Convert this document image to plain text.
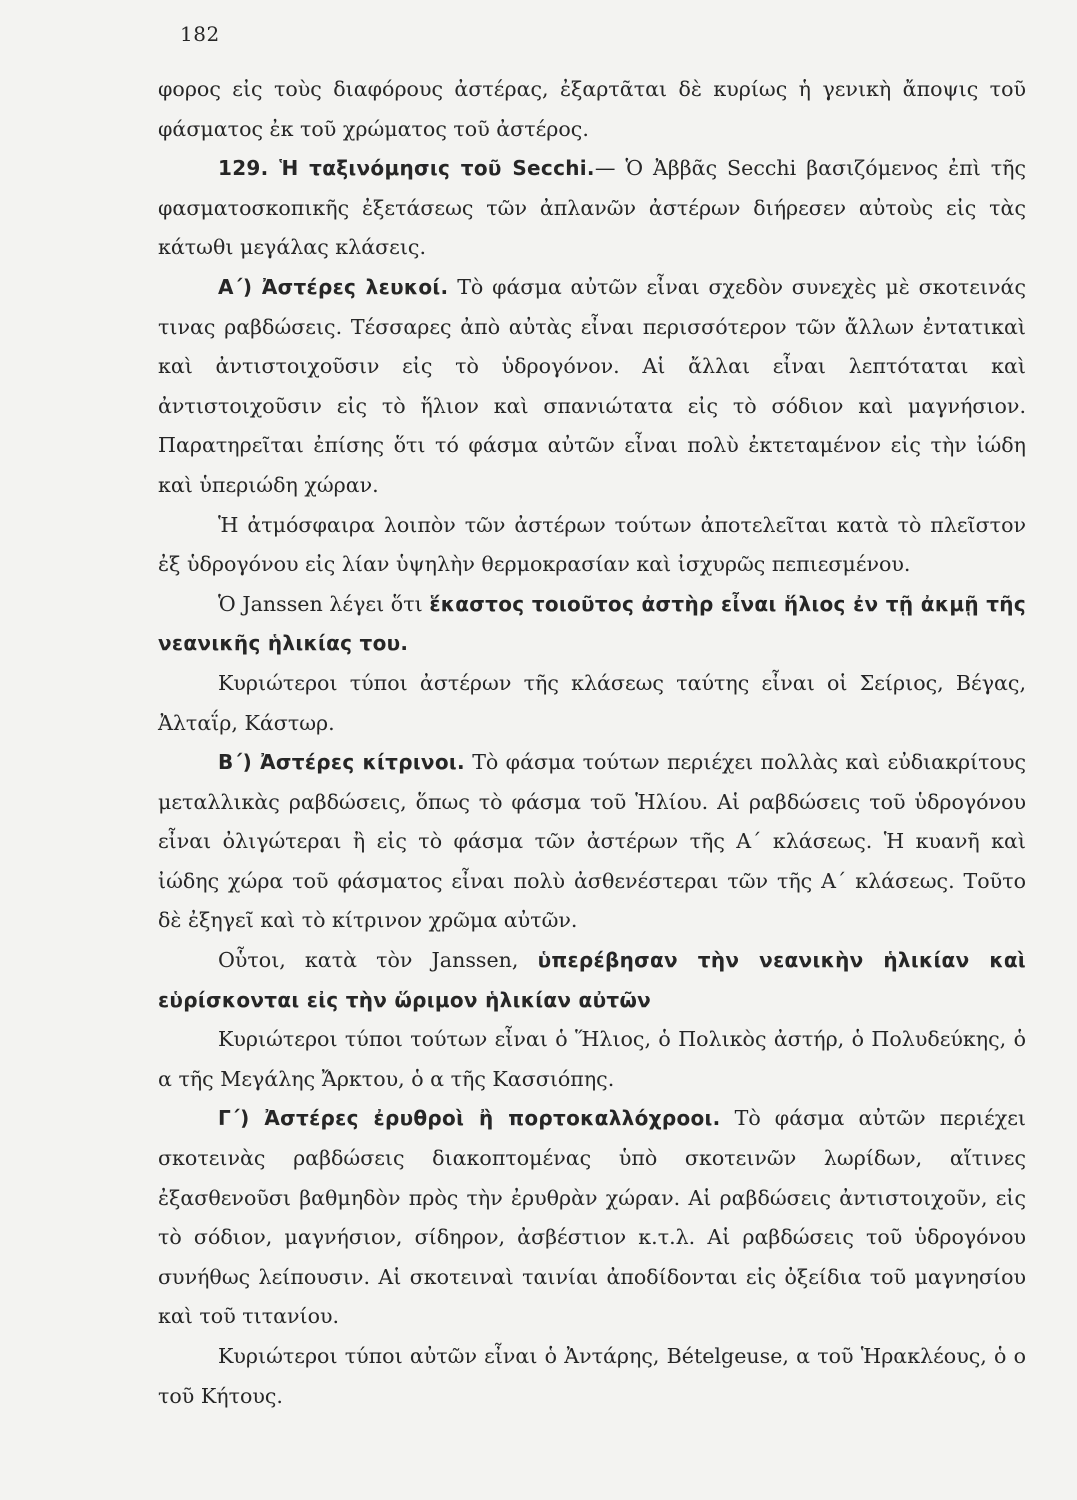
182

φορος εἰς τοὺς διαφόρους ἀστέρας, ἐξαρτᾶται δὲ κυρίως ἡ γενικὴ ἄποψις τοῦ φάσματος ἐκ τοῦ χρώματος τοῦ ἀστέρος.

129. Ἡ ταξινόμησις τοῦ Secchi.— Ὁ Ἀββᾶς Secchi βασιζόμενος ἐπὶ τῆς φασματοσκοπικῆς ἐξετάσεως τῶν ἀπλανῶν ἀστέρων διήρεσεν αὐτοὺς εἰς τὰς κάτωθι μεγάλας κλάσεις.

Α΄) Ἀστέρες λευκοί. Τὸ φάσμα αὐτῶν εἶναι σχεδὸν συνεχὲς μὲ σκοτεινάς τινας ραβδώσεις. Τέσσαρες ἀπὸ αὐτὰς εἶναι περισσότερον τῶν ἄλλων ἐντατικαὶ καὶ ἀντιστοιχοῦσιν εἰς τὸ ὑδρογόνον. Αἱ ἄλλαι εἶναι λεπτόταται καὶ ἀντιστοιχοῦσιν εἰς τὸ ἥλιον καὶ σπανιώτατα εἰς τὸ σόδιον καὶ μαγνήσιον. Παρατηρεῖται ἐπίσης ὅτι τό φάσμα αὐτῶν εἶναι πολὺ ἐκτεταμένον εἰς τὴν ἰώδη καὶ ὑπεριώδη χώραν.

Ἡ ἀτμόσφαιρα λοιπὸν τῶν ἀστέρων τούτων ἀποτελεῖται κατὰ τὸ πλεῖστον ἐξ ὑδρογόνου εἰς λίαν ὑψηλὴν θερμοκρασίαν καὶ ἰσχυρῶς πεπιεσμένου.

Ὁ Janssen λέγει ὅτι ἕκαστος τοιοῦτος ἀστὴρ εἶναι ἥλιος ἐν τῇ ἀκμῇ τῆς νεανικῆς ἡλικίας του.

Κυριώτεροι τύποι ἀστέρων τῆς κλάσεως ταύτης εἶναι οἱ Σείριος, Βέγας, Ἀλταΐρ, Κάστωρ.

Β΄) Ἀστέρες κίτρινοι. Τὸ φάσμα τούτων περιέχει πολλὰς καὶ εὐδιακρίτους μεταλλικὰς ραβδώσεις, ὅπως τὸ φάσμα τοῦ Ἡλίου. Αἱ ραβδώσεις τοῦ ὑδρογόνου εἶναι ὀλιγώτεραι ἢ εἰς τὸ φάσμα τῶν ἀστέρων τῆς Α΄ κλάσεως. Ἡ κυανῆ καὶ ἰώδης χώρα τοῦ φάσματος εἶναι πολὺ ἀσθενέστεραι τῶν τῆς Α΄ κλάσεως. Τοῦτο δὲ ἐξηγεῖ καὶ τὸ κίτρινον χρῶμα αὐτῶν.

Οὗτοι, κατὰ τὸν Janssen, ὑπερέβησαν τὴν νεανικὴν ἡλικίαν καὶ εὑρίσκονται εἰς τὴν ὥριμον ἡλικίαν αὐτῶν

Κυριώτεροι τύποι τούτων εἶναι ὁ Ἥλιος, ὁ Πολικὸς ἀστήρ, ὁ Πολυδεύκης, ὁ α τῆς Μεγάλης Ἄρκτου, ὁ α τῆς Κασσιόπης.

Γ΄) Ἀστέρες ἐρυθροὶ ἢ πορτοκαλλόχροοι. Τὸ φάσμα αὐτῶν περιέχει σκοτεινὰς ραβδώσεις διακοπτομένας ὑπὸ σκοτεινῶν λωρίδων, αἵτινες ἐξασθενοῦσι βαθμηδὸν πρὸς τὴν ἐρυθρὰν χώραν. Αἱ ραβδώσεις ἀντιστοιχοῦν, εἰς τὸ σόδιον, μαγνήσιον, σίδηρον, ἀσβέστιον κ.τ.λ. Αἱ ραβδώσεις τοῦ ὑδρογόνου συνήθως λείπουσιν. Αἱ σκοτειναὶ ταινίαι ἀποδίδονται εἰς ὀξείδια τοῦ μαγνησίου καὶ τοῦ τιτανίου.

Κυριώτεροι τύποι αὐτῶν εἶναι ὁ Ἀντάρης, Bételgeuse, α τοῦ Ἡρακλέους, ὁ ο τοῦ Κήτους.
